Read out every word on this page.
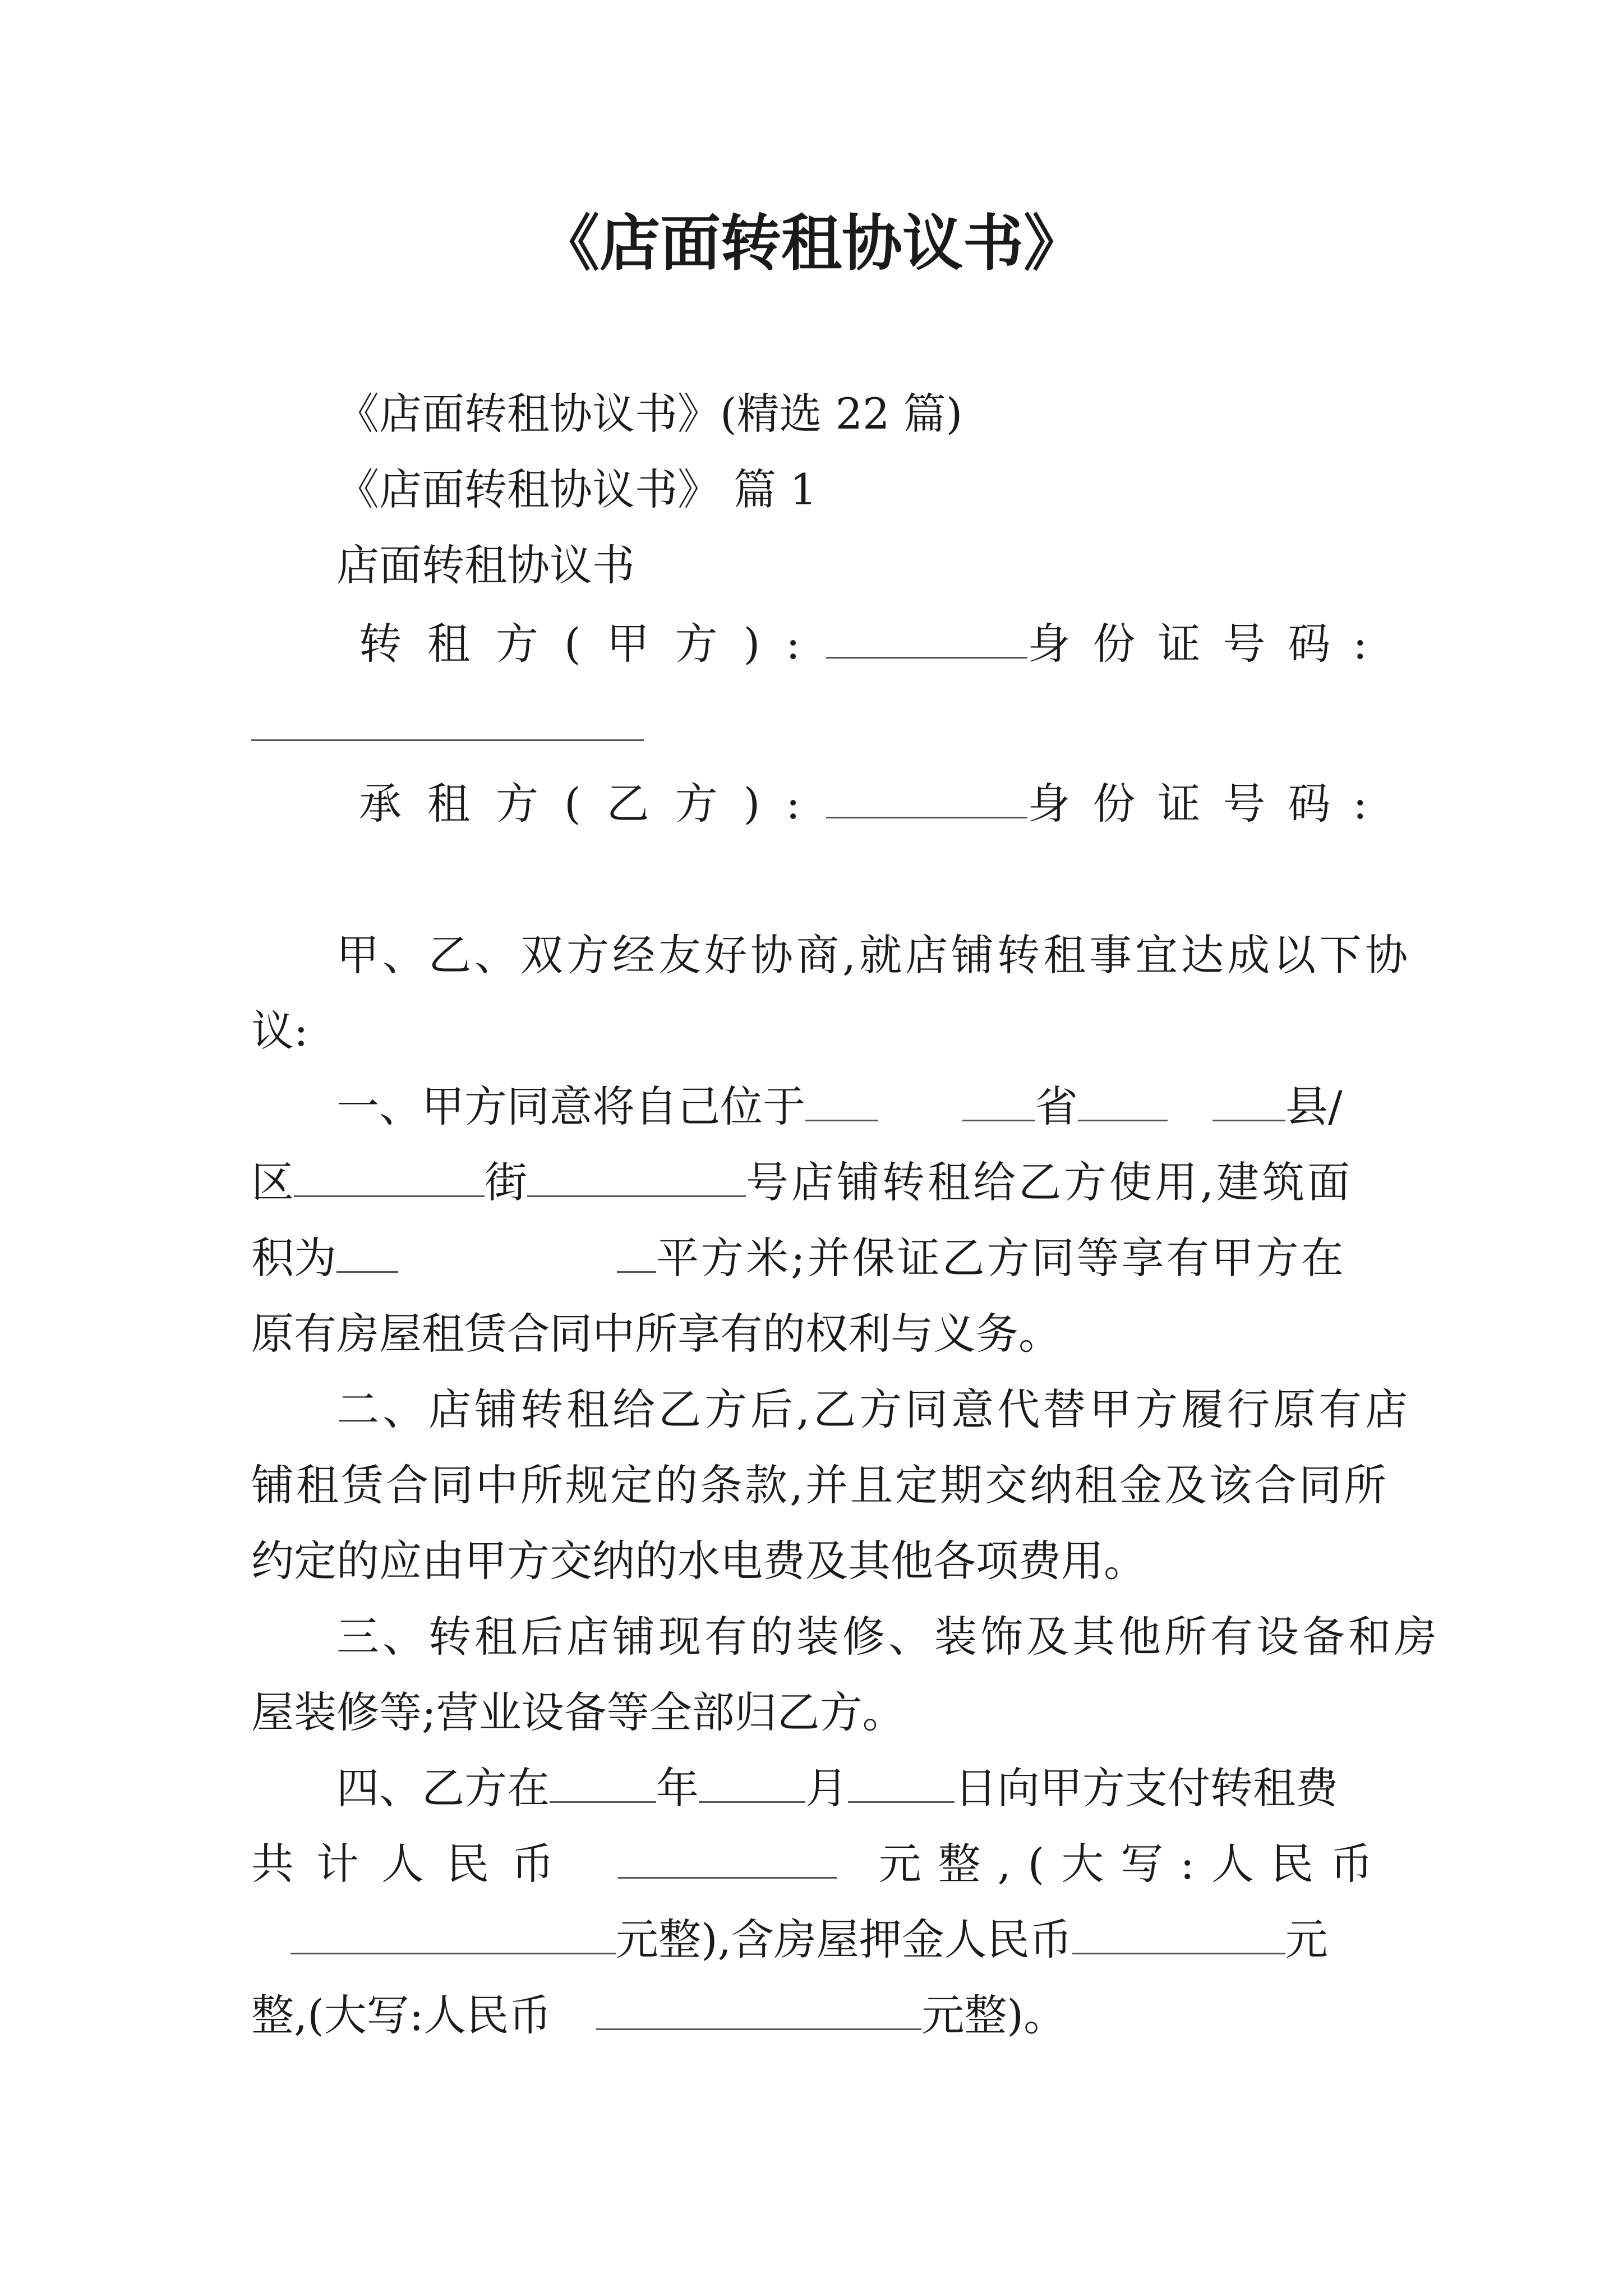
《店面转租协议书》
《店面转租协议书》(精选 22 篇)
《店面转租协议书》 篇 1
店面转租协议书
转租方(甲方):	身份证号码:
承租方(乙方):	身份证号码:
甲、乙、双方经友好协商,就店铺转租事宜达成以下协
议:
一、甲方同意将自己位于	省	县/
区	街	号店铺转租给乙方使用,建筑面
积为	平方米;并保证乙方同等享有甲方在
原有房屋租赁合同中所享有的权利与义务。
二、店铺转租给乙方后,乙方同意代替甲方履行原有店
铺租赁合同中所规定的条款,并且定期交纳租金及该合同所
约定的应由甲方交纳的水电费及其他各项费用。
三、转租后店铺现有的装修、装饰及其他所有设备和房
屋装修等;营业设备等全部归乙方。
四、乙方在	年	月	日向甲方支付转租费
共计人民币	元整,(大写:人民币
元整),含房屋押金人民币	元
整,(大写:人民币	元整)。
